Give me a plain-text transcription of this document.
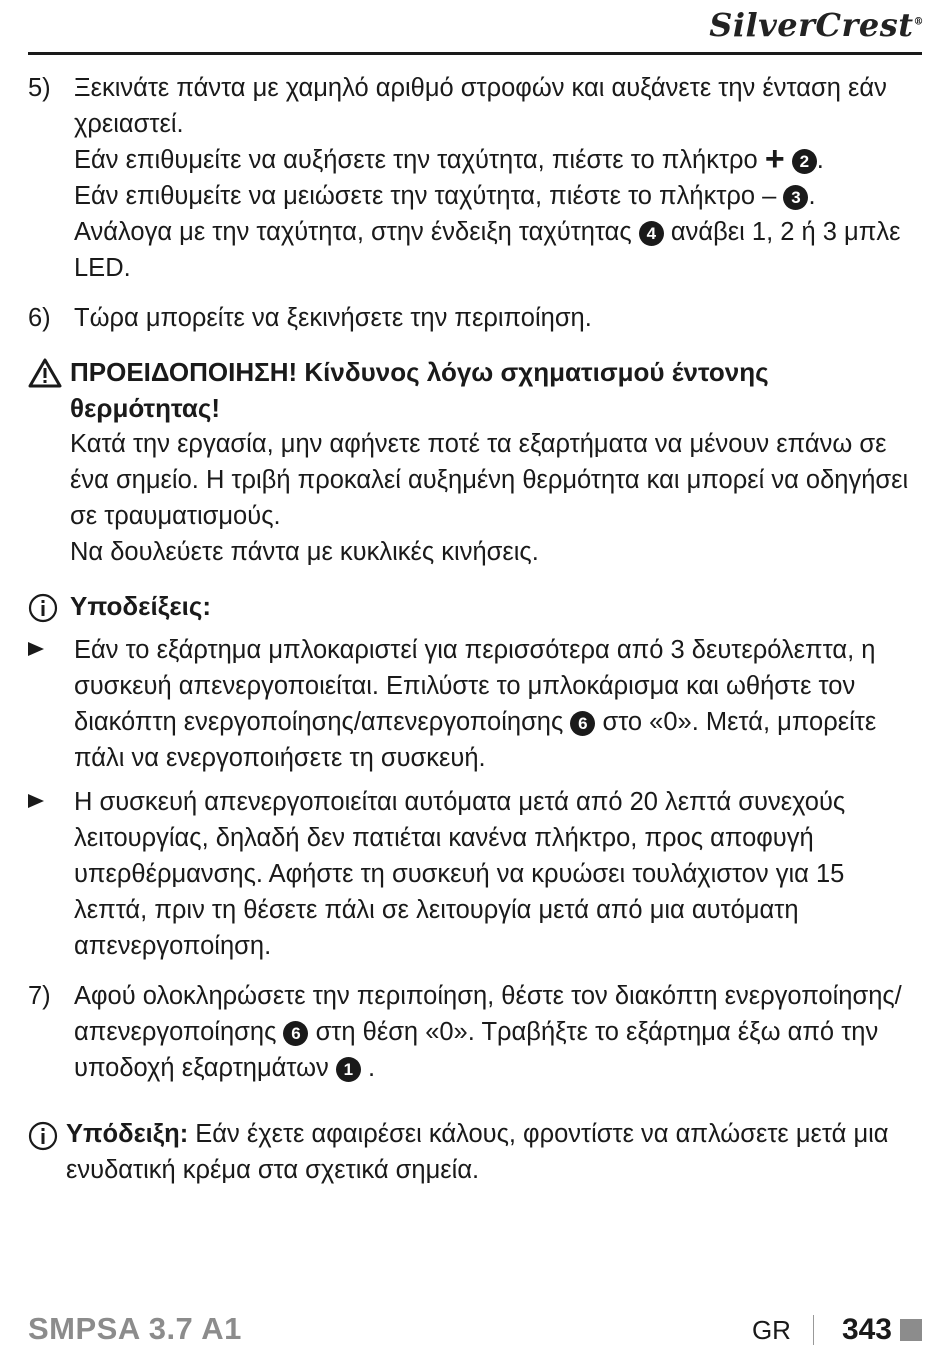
SilverCrest®
5) Ξεκινάτε πάντα με χαμηλό αριθμό στροφών και αυξάνετε την ένταση εάν χρειαστεί.

Εάν επιθυμείτε να αυξήσετε την ταχύτητα, πιέστε το πλήκτρο + 2 .

Εάν επιθυμείτε να μειώσετε την ταχύτητα, πιέστε το πλήκτρο – 3 .

Ανάλογα με την ταχύτητα, στην ένδειξη ταχύτητας 4 ανάβει 1, 2 ή 3 μπλε LED.

6) Τώρα μπορείτε να ξεκινήσετε την περιποίηση.
ΠΡΟΕΙΔΟΠΟΙΗΣΗ! Κίνδυνος λόγω σχηματισμού έντονης θερμότητας!

Κατά την εργασία, μην αφήνετε ποτέ τα εξαρτήματα να μένουν επάνω σε ένα σημείο. Η τριβή προκαλεί αυξημένη θερμότητα και μπορεί να οδηγήσει σε τραυματισμούς.

Να δουλεύετε πάντα με κυκλικές κινήσεις.

Υποδείξεις:
Εάν το εξάρτημα μπλοκαριστεί για περισσότερα από 3 δευτερόλεπτα, η συσκευή απενεργοποιείται. Επιλύστε το μπλοκάρισμα και ωθήστε τον διακόπτη ενεργοποίησης/απενεργοποίησης 6 στο «0». Μετά, μπορείτε πάλι να ενεργοποιήσετε τη συσκευή.
Η συσκευή απενεργοποιείται αυτόματα μετά από 20 λεπτά συνεχούς λειτουργίας, δηλαδή δεν πατιέται κανένα πλήκτρο, προς αποφυγή υπερθέρμανσης. Αφήστε τη συσκευή να κρυώσει τουλάχιστον για 15 λεπτά, πριν τη θέσετε πάλι σε λειτουργία μετά από μια αυτόματη απενεργοποίηση.
7) Αφού ολοκληρώσετε την περιποίηση, θέστε τον διακόπτη ενεργοποίησης/ απενεργοποίησης 6 στη θέση «0». Τραβήξτε το εξάρτημα έξω από την υποδοχή εξαρτημάτων 1 .
Υπόδειξη: Εάν έχετε αφαιρέσει κάλους, φροντίστε να απλώσετε μετά μια ενυδατική κρέμα στα σχετικά σημεία.
SMPSA 3.7 A1	GR 343
